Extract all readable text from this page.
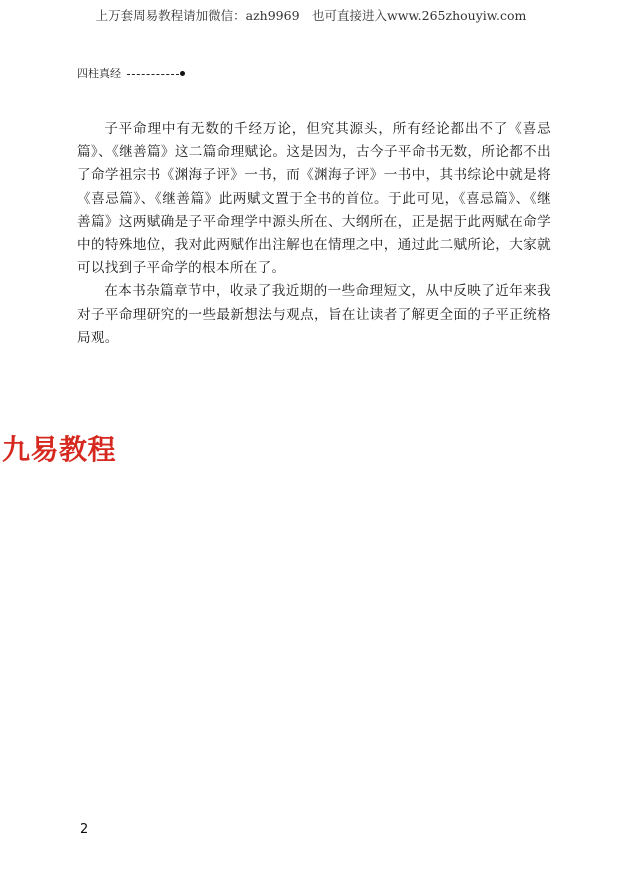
上万套周易教程请加微信：azh9969　也可直接进入www.265zhouyiw.com
四柱真经

子平命理中有无数的千经万论，但究其源头，所有经论都出不了《喜忌篇》、《继善篇》这二篇命理赋论。这是因为，古今子平命书无数，所论都不出了命学祖宗书《渊海子评》一书，而《渊海子评》一书中，其书综论中就是将《喜忌篇》、《继善篇》此两赋文置于全书的首位。于此可见，《喜忌篇》、《继善篇》这两赋确是子平命理学中源头所在、大纲所在，正是据于此两赋在命学中的特殊地位，我对此两赋作出注解也在情理之中，通过此二赋所论，大家就可以找到子平命学的根本所在了。

在本书杂篇章节中，收录了我近期的一些命理短文，从中反映了近年来我对子平命理研究的一些最新想法与观点，旨在让读者了解更全面的子平正统格局观。

九易教程
2
